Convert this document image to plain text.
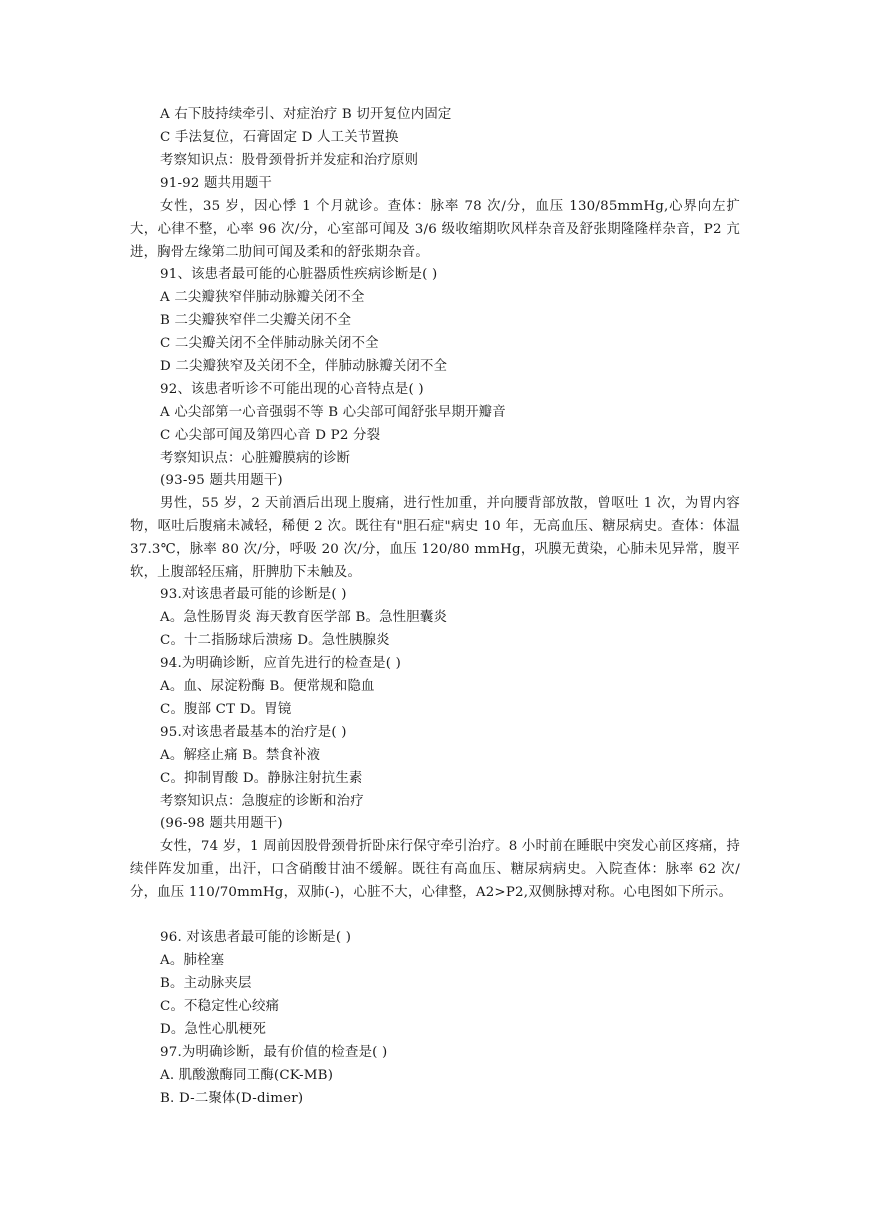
A 右下肢持续牵引、对症治疗 B 切开复位内固定
C 手法复位，石膏固定 D 人工关节置换
考察知识点：股骨颈骨折并发症和治疗原则
91-92 题共用题干
女性，35 岁，因心悸 1 个月就诊。查体：脉率 78 次/分，血压 130/85mmHg,心界向左扩大，心律不整，心率 96 次/分，心室部可闻及 3/6 级收缩期吹风样杂音及舒张期隆隆样杂音，P2 亢进，胸骨左缘第二肋间可闻及柔和的舒张期杂音。
91、该患者最可能的心脏器质性疾病诊断是( )
A 二尖瓣狭窄伴肺动脉瓣关闭不全
B 二尖瓣狭窄伴二尖瓣关闭不全
C 二尖瓣关闭不全伴肺动脉关闭不全
D 二尖瓣狭窄及关闭不全，伴肺动脉瓣关闭不全
92、该患者听诊不可能出现的心音特点是( )
A 心尖部第一心音强弱不等 B 心尖部可闻舒张早期开瓣音
C 心尖部可闻及第四心音 D P2 分裂
考察知识点：心脏瓣膜病的诊断
(93-95 题共用题干)
男性，55 岁，2 天前酒后出现上腹痛，进行性加重，并向腰背部放散，曾呕吐 1 次，为胃内容物，呕吐后腹痛未减轻，稀便 2 次。既往有"胆石症"病史 10 年，无高血压、糖尿病史。查体：体温 37.3℃，脉率 80 次/分，呼吸 20 次/分，血压 120/80 mmHg，巩膜无黄染，心肺未见异常，腹平软，上腹部轻压痛，肝脾肋下未触及。
93.对该患者最可能的诊断是( )
A。急性肠胃炎 海天教育医学部 B。急性胆囊炎
C。十二指肠球后溃疡 D。急性胰腺炎
94.为明确诊断，应首先进行的检查是( )
A。血、尿淀粉酶 B。便常规和隐血
C。腹部 CT D。胃镜
95.对该患者最基本的治疗是( )
A。解痉止痛 B。禁食补液
C。抑制胃酸 D。静脉注射抗生素
考察知识点：急腹症的诊断和治疗
(96-98 题共用题干)
女性，74 岁，1 周前因股骨颈骨折卧床行保守牵引治疗。8 小时前在睡眠中突发心前区疼痛，持续伴阵发加重，出汗，口含硝酸甘油不缓解。既往有高血压、糖尿病病史。入院查体：脉率 62 次/分，血压 110/70mmHg，双肺(-)，心脏不大，心律整，A2>P2,双侧脉搏对称。心电图如下所示。
96. 对该患者最可能的诊断是( )
A。肺栓塞
B。主动脉夹层
C。不稳定性心绞痛
D。急性心肌梗死
97.为明确诊断，最有价值的检查是( )
A. 肌酸激酶同工酶(CK-MB)
B. D-二聚体(D-dimer)
